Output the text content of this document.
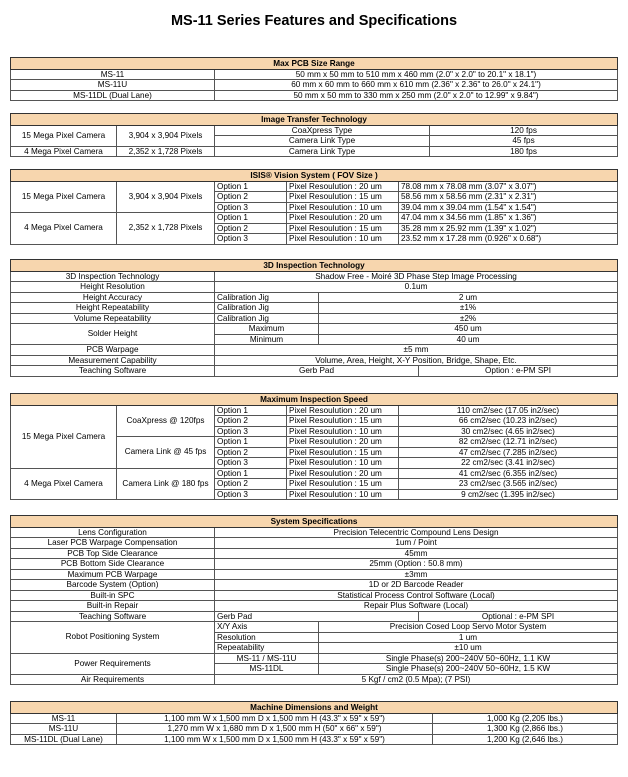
MS-11 Series Features and Specifications
Max PCB Size Range	
MS-11	50 mm x 50 mm to 510 mm x 460 mm (2.0" x 2.0" to 20.1" x 18.1")
MS-11U	60 mm x 60 mm to 660 mm x 610 mm (2.36" x 2.36" to 26.0" x 24.1")
MS-11DL (Dual Lane)	50 mm x 50 mm to 330 mm x 250 mm (2.0" x 2.0" to 12.99" x 9.84")
Image Transfer Technology			
15 Mega Pixel Camera	3,904 x 3,904 Pixels	CoaXpress Type	120 fps
		Camera Link Type	45 fps
4 Mega Pixel Camera	2,352 x 1,728 Pixels	Camera Link Type	180 fps
ISIS® Vision System ( FOV Size )				
15 Mega Pixel Camera	3,904 x 3,904 Pixels	Option 1	Pixel Resoulution : 20 um	78.08 mm x 78.08 mm (3.07" x 3.07")
		Option 2	Pixel Resoulution : 15 um	58.56 mm x 58.56 mm (2.31" x 2.31")
		Option 3	Pixel Resoulution : 10 um	39.04 mm x 39.04 mm (1.54" x 1.54")
4 Mega Pixel Camera	2,352 x 1,728 Pixels	Option 1	Pixel Resoulution : 20 um	47.04 mm x 34.56 mm (1.85" x 1.36")
		Option 2	Pixel Resoulution : 15 um	35.28 mm x 25.92 mm (1.39" x 1.02")
		Option 3	Pixel Resoulution : 10 um	23.52 mm x 17.28 mm (0.926" x 0.68")
3D Inspection Technology			
3D Inspection Technology	Shadow Free - Moiré 3D Phase Step Image Processing		
Height Resolution	0.1um		
Height Accuracy	Calibration Jig	2 um	
Height Repeatability	Calibration Jig	±1%	
Volume Repeatability	Calibration Jig	±2%	
Solder Height	Maximum	450 um	
	Minimum	40 um	
PCB Warpage	±5 mm		
Measurement Capability	Volume, Area, Height, X-Y Position, Bridge, Shape, Etc.		
Teaching Software	Gerb Pad		Option : e-PM SPI
Maximum Inspection Speed				
15 Mega Pixel Camera	CoaXpress @ 120fps	Option 1	Pixel Resoulution : 20 um	110 cm2/sec (17.05 in2/sec)
		Option 2	Pixel Resoulution : 15 um	66 cm2/sec (10.23 in2/sec)
		Option 3	Pixel Resoulution : 10 um	30 cm2/sec (4.65 in2/sec)
	Camera Link @ 45 fps	Option 1	Pixel Resoulution : 20 um	82 cm2/sec (12.71 in2/sec)
		Option 2	Pixel Resoulution : 15 um	47 cm2/sec (7.285 in2/sec)
		Option 3	Pixel Resoulution : 10 um	22 cm2/sec (3.41 in2/sec)
4 Mega Pixel Camera	Camera Link @ 180 fps	Option 1	Pixel Resoulution : 20 um	41 cm2/sec (6.355 in2/sec)
		Option 2	Pixel Resoulution : 15 um	23 cm2/sec (3.565 in2/sec)
		Option 3	Pixel Resoulution : 10 um	9 cm2/sec (1.395 in2/sec)
System Specifications			
Lens Configuration	Precision Telecentric Compound Lens Design		
Laser PCB Warpage Compensation	1um / Point		
PCB Top Side Clearance	45mm		
PCB Bottom Side Clearance	25mm (Option : 50.8 mm)		
Maximum PCB Warpage	±3mm		
Barcode System (Option)	1D or 2D Barcode Reader		
Built-in SPC	Statistical Process Control Software (Local)		
Built-in Repair	Repair Plus Software (Local)		
Teaching Software	Gerb Pad		Optional : e-PM SPI
Robot Positioning System	X/Y Axis	Precision Cosed Loop Servo Motor System	
	Resolution	1 um	
	Repeatability	±10 um	
Power Requirements	MS-11 / MS-11U	Single Phase(s) 200~240V 50~60Hz, 1.1 KW	
	MS-11DL	Single Phase(s) 200~240V 50~60Hz, 1.5 KW	
Air Requirements	5 Kgf / cm2 (0.5 Mpa); (7 PSI)		
Machine Dimensions and Weight		
MS-11	1,100 mm W x 1,500 mm D x 1,500 mm H (43.3" x 59" x 59")	1,000 Kg (2,205 lbs.)
MS-11U	1,270 mm W x 1,680 mm D x 1,500 mm H (50" x 66" x 59")	1,300 Kg (2,866 lbs.)
MS-11DL (Dual Lane)	1,100 mm W x 1,500 mm D x 1,500 mm H (43.3" x 59" x 59")	1,200 Kg (2,646 lbs.)
